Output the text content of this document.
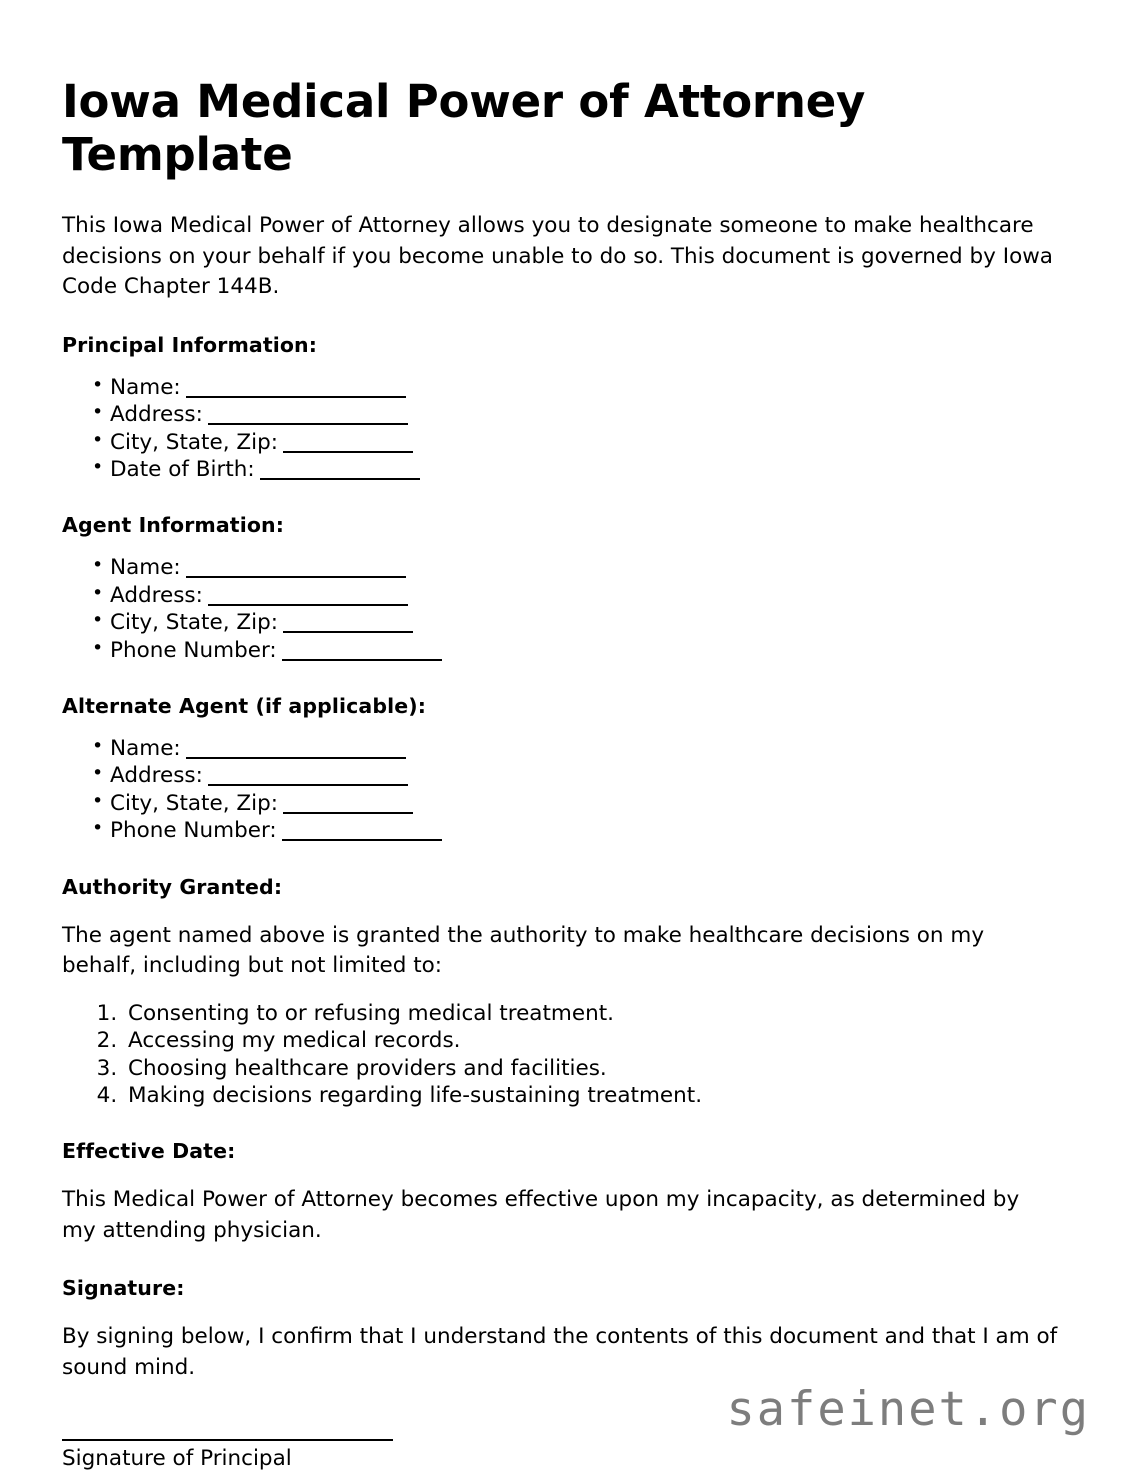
Iowa Medical Power of Attorney Template

This Iowa Medical Power of Attorney allows you to designate someone to make healthcare decisions on your behalf if you become unable to do so. This document is governed by Iowa Code Chapter 144B.

Principal Information:
• Name:
• Address:
• City, State, Zip:
• Date of Birth:
Agent Information:
• Name:
• Address:
• City, State, Zip:
• Phone Number:
Alternate Agent (if applicable):
• Name:
• Address:
• City, State, Zip:
• Phone Number:
Authority Granted:

The agent named above is granted the authority to make healthcare decisions on my behalf, including but not limited to:

1. Consenting to or refusing medical treatment.
2. Accessing my medical records.
3. Choosing healthcare providers and facilities.
4. Making decisions regarding life-sustaining treatment.
Effective Date:

This Medical Power of Attorney becomes effective upon my incapacity, as determined by my attending physician.

Signature:

By signing below, I confirm that I understand the contents of this document and that I am of sound mind.

Signature of Principal
safeinet.org
